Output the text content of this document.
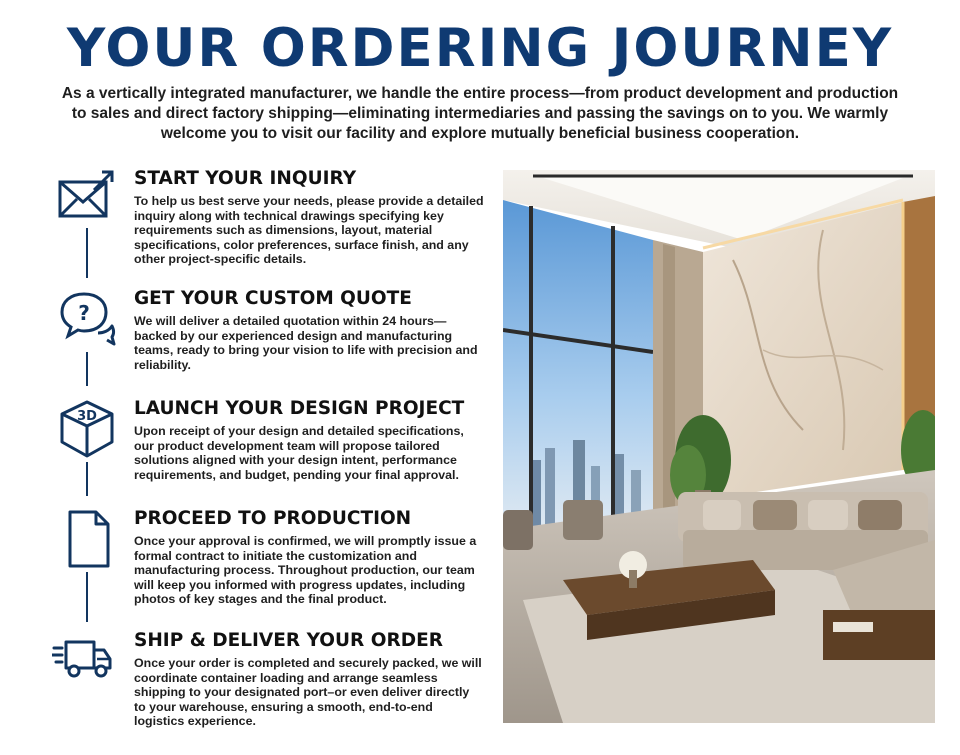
YOUR ORDERING JOURNEY

As a vertically integrated manufacturer, we handle the entire process—from product development and production to sales and direct factory shipping—eliminating intermediaries and passing the savings on to you. We warmly welcome you to visit our facility and explore mutually beneficial business cooperation.

START YOUR INQUIRY

To help us best serve your needs, please provide a detailed inquiry along with technical drawings specifying key requirements such as dimensions, layout, material specifications, color preferences, surface finish, and any other project-specific details.

?

GET YOUR CUSTOM QUOTE

We will deliver a detailed quotation within 24 hours—backed by our experienced design and manufacturing teams, ready to bring your vision to life with precision and reliability.

3D LAUNCH YOUR DESIGN PROJECT

Upon receipt of your design and detailed specifications, our product development team will propose tailored solutions aligned with your design intent, performance requirements, and budget, pending your final approval.

PROCEED TO PRODUCTION

Once your approval is confirmed, we will promptly issue a formal contract to initiate the customization and manufacturing process. Throughout production, our team will keep you informed with progress updates, including photos of key stages and the final product.

SHIP & DELIVER YOUR ORDER

Once your order is completed and securely packed, we will coordinate container loading and arrange seamless shipping to your designated port–or even deliver directly to your warehouse, ensuring a smooth, end-to-end logistics experience.
